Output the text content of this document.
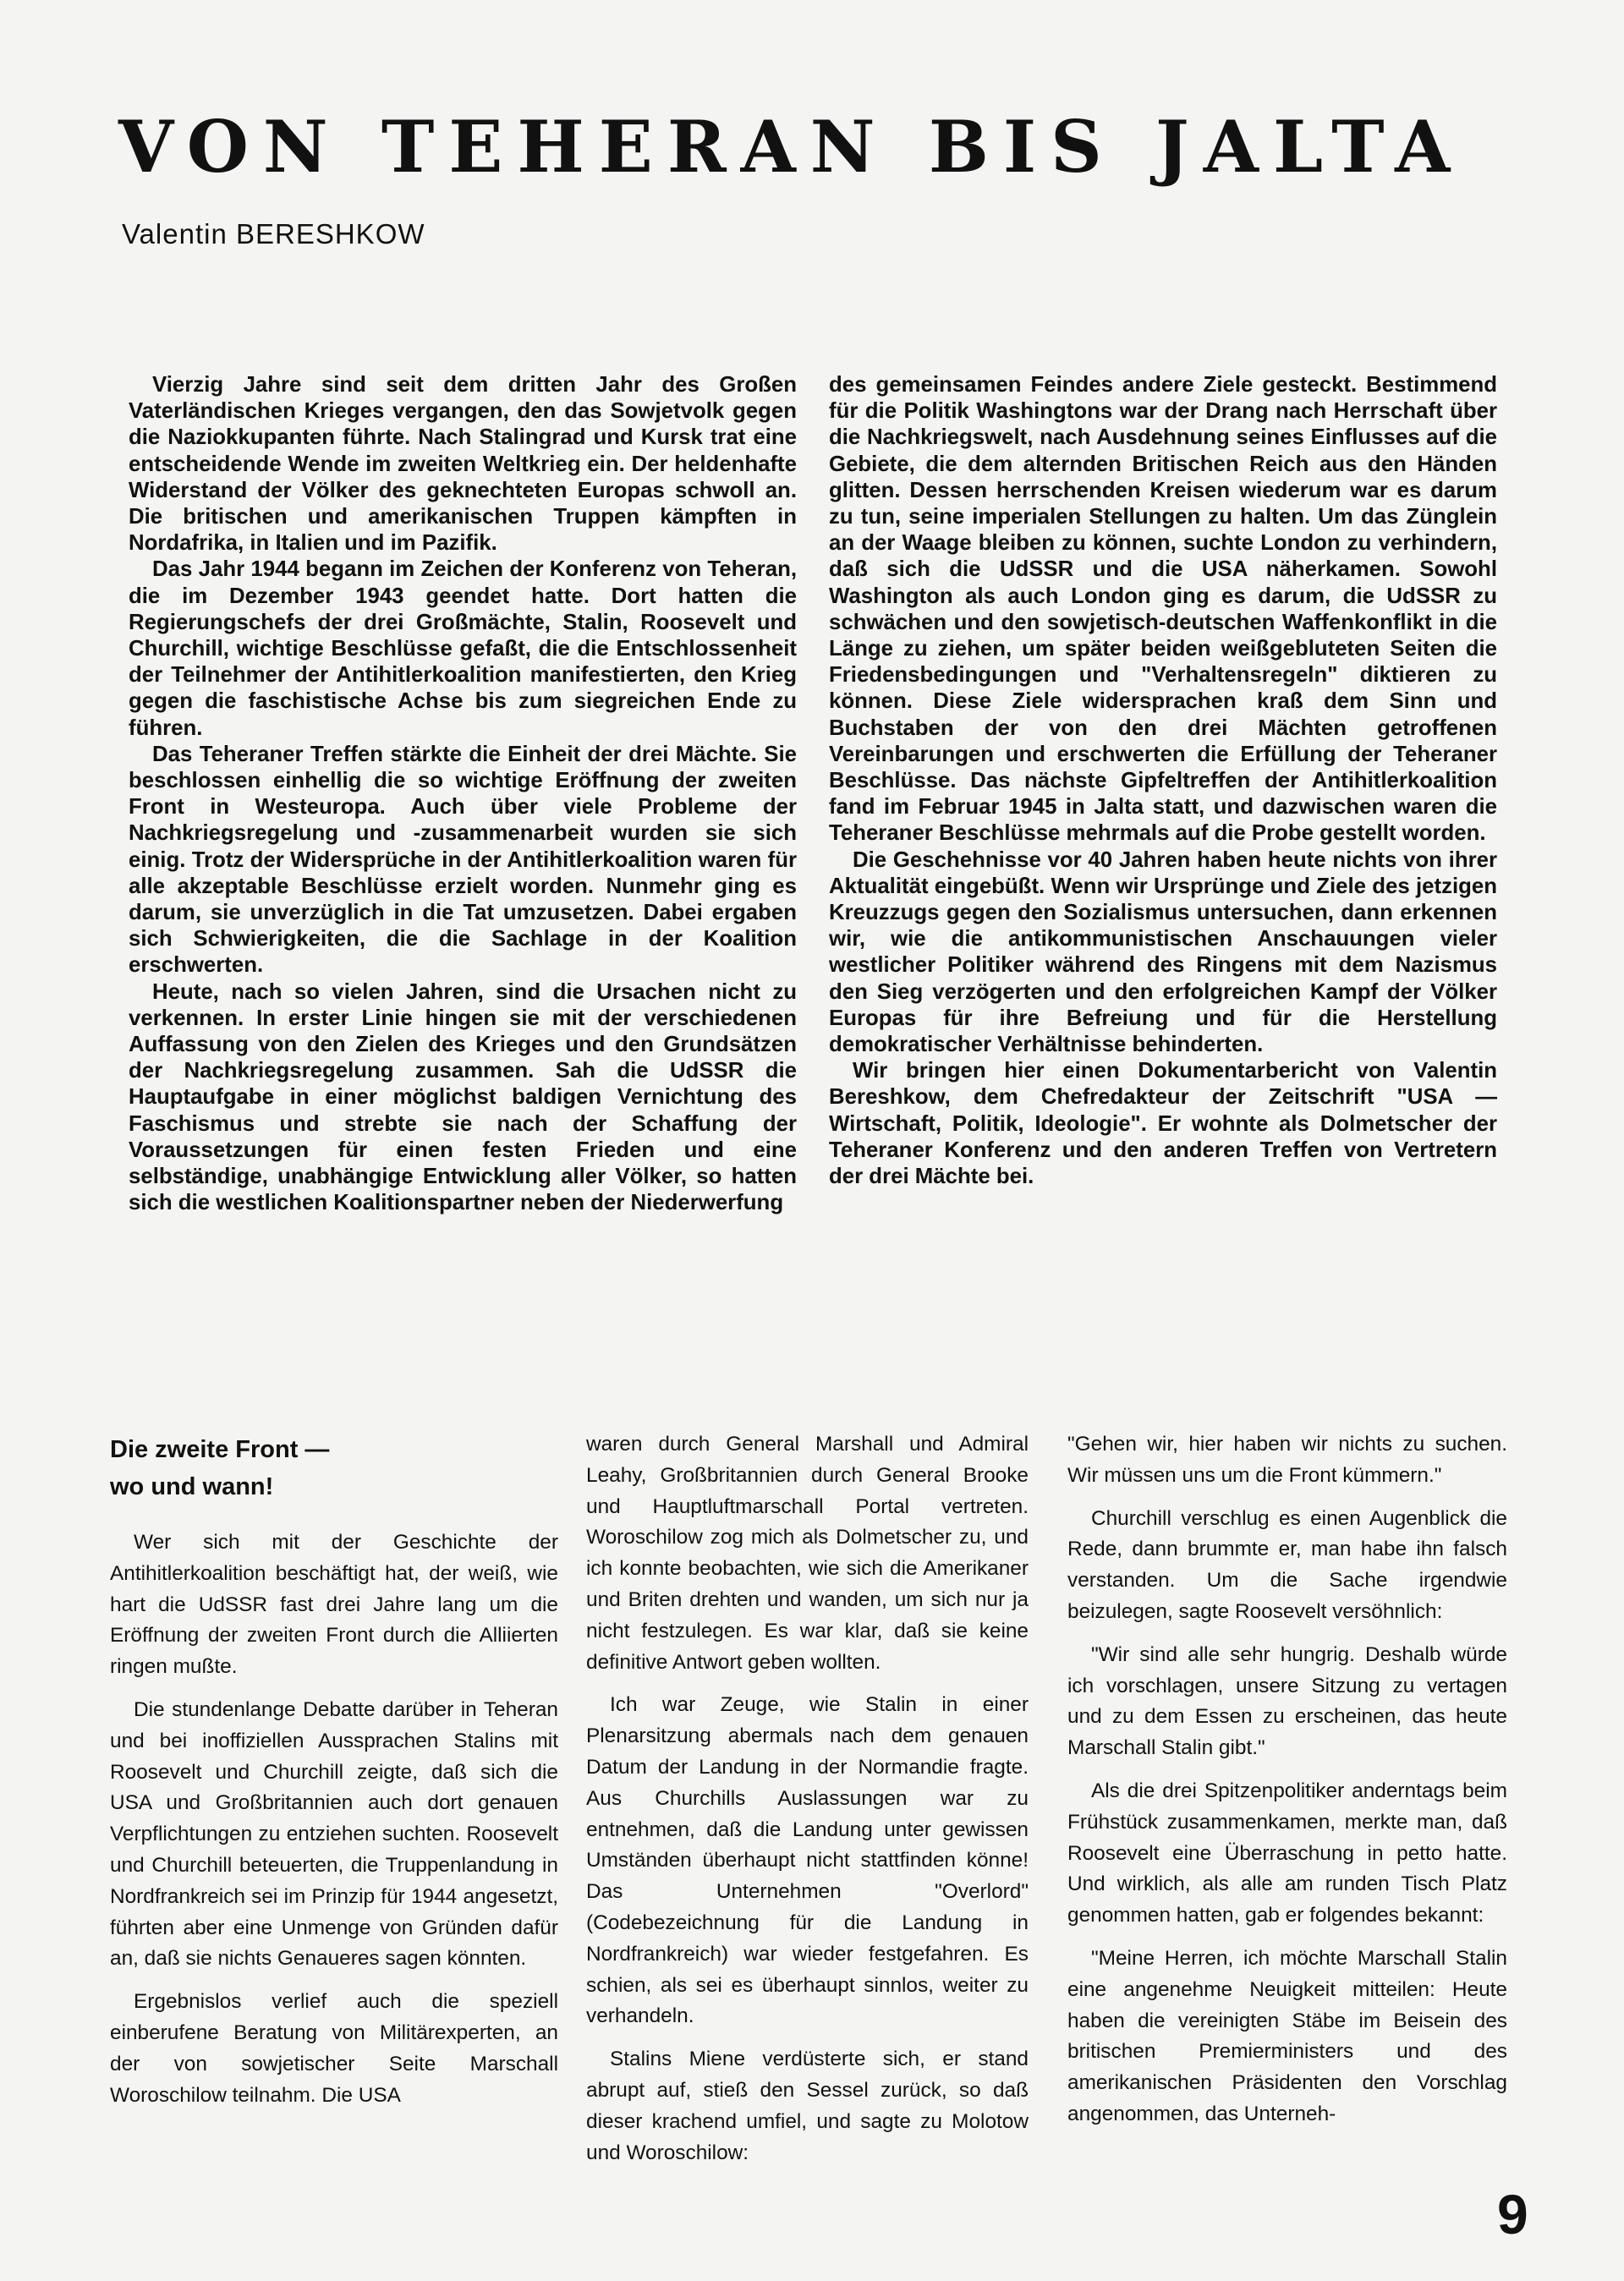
VON TEHERAN BIS JALTA
Valentin BERESHKOW

Vierzig Jahre sind seit dem dritten Jahr des Großen Vaterländischen Krieges vergangen, den das Sowjetvolk gegen die Naziokkupanten führte. Nach Stalingrad und Kursk trat eine entscheidende Wende im zweiten Weltkrieg ein. Der heldenhafte Widerstand der Völker des geknechteten Europas schwoll an. Die britischen und amerikanischen Truppen kämpften in Nordafrika, in Italien und im Pazifik.

Das Jahr 1944 begann im Zeichen der Konferenz von Teheran, die im Dezember 1943 geendet hatte. Dort hatten die Regierungschefs der drei Großmächte, Stalin, Roosevelt und Churchill, wichtige Beschlüsse gefaßt, die die Entschlossenheit der Teilnehmer der Antihitlerkoalition manifestierten, den Krieg gegen die faschistische Achse bis zum siegreichen Ende zu führen.

Das Teheraner Treffen stärkte die Einheit der drei Mächte. Sie beschlossen einhellig die so wichtige Eröffnung der zweiten Front in Westeuropa. Auch über viele Probleme der Nachkriegsregelung und -zusammenarbeit wurden sie sich einig. Trotz der Widersprüche in der Antihitlerkoalition waren für alle akzeptable Beschlüsse erzielt worden. Nunmehr ging es darum, sie unverzüglich in die Tat umzusetzen. Dabei ergaben sich Schwierigkeiten, die die Sachlage in der Koalition erschwerten.

Heute, nach so vielen Jahren, sind die Ursachen nicht zu verkennen. In erster Linie hingen sie mit der verschiedenen Auffassung von den Zielen des Krieges und den Grundsätzen der Nachkriegsregelung zusammen. Sah die UdSSR die Hauptaufgabe in einer möglichst baldigen Vernichtung des Faschismus und strebte sie nach der Schaffung der Voraussetzungen für einen festen Frieden und eine selbständige, unabhängige Entwicklung aller Völker, so hatten sich die westlichen Koalitionspartner neben der Niederwerfung

des gemeinsamen Feindes andere Ziele gesteckt. Bestimmend für die Politik Washingtons war der Drang nach Herrschaft über die Nachkriegswelt, nach Ausdehnung seines Einflusses auf die Gebiete, die dem alternden Britischen Reich aus den Händen glitten. Dessen herrschenden Kreisen wiederum war es darum zu tun, seine imperialen Stellungen zu halten. Um das Zünglein an der Waage bleiben zu können, suchte London zu verhindern, daß sich die UdSSR und die USA näherkamen. Sowohl Washington als auch London ging es darum, die UdSSR zu schwächen und den sowjetisch-deutschen Waffenkonflikt in die Länge zu ziehen, um später beiden weißgebluteten Seiten die Friedensbedingungen und "Verhaltensregeln" diktieren zu können. Diese Ziele widersprachen kraß dem Sinn und Buchstaben der von den drei Mächten getroffenen Vereinbarungen und erschwerten die Erfüllung der Teheraner Beschlüsse. Das nächste Gipfeltreffen der Antihitlerkoalition fand im Februar 1945 in Jalta statt, und dazwischen waren die Teheraner Beschlüsse mehrmals auf die Probe gestellt worden.

Die Geschehnisse vor 40 Jahren haben heute nichts von ihrer Aktualität eingebüßt. Wenn wir Ursprünge und Ziele des jetzigen Kreuzzugs gegen den Sozialismus untersuchen, dann erkennen wir, wie die antikommunistischen Anschauungen vieler westlicher Politiker während des Ringens mit dem Nazismus den Sieg verzögerten und den erfolgreichen Kampf der Völker Europas für ihre Befreiung und für die Herstellung demokratischer Verhältnisse behinderten.

Wir bringen hier einen Dokumentarbericht von Valentin Bereshkow, dem Chefredakteur der Zeitschrift "USA — Wirtschaft, Politik, Ideologie". Er wohnte als Dolmetscher der Teheraner Konferenz und den anderen Treffen von Vertretern der drei Mächte bei.

Die zweite Front —
wo und wann!

Wer sich mit der Geschichte der Antihitlerkoalition beschäftigt hat, der weiß, wie hart die UdSSR fast drei Jahre lang um die Eröffnung der zweiten Front durch die Alliierten ringen mußte.

Die stundenlange Debatte darüber in Teheran und bei inoffiziellen Aussprachen Stalins mit Roosevelt und Churchill zeigte, daß sich die USA und Großbritannien auch dort genauen Verpflichtungen zu entziehen suchten. Roosevelt und Churchill beteuerten, die Truppenlandung in Nordfrankreich sei im Prinzip für 1944 angesetzt, führten aber eine Unmenge von Gründen dafür an, daß sie nichts Genaueres sagen könnten.

Ergebnislos verlief auch die speziell einberufene Beratung von Militärexperten, an der von sowjetischer Seite Marschall Woroschilow teilnahm. Die USA

waren durch General Marshall und Admiral Leahy, Großbritannien durch General Brooke und Hauptluftmarschall Portal vertreten. Woroschilow zog mich als Dolmetscher zu, und ich konnte beobachten, wie sich die Amerikaner und Briten drehten und wanden, um sich nur ja nicht festzulegen. Es war klar, daß sie keine definitive Antwort geben wollten.

Ich war Zeuge, wie Stalin in einer Plenarsitzung abermals nach dem genauen Datum der Landung in der Normandie fragte. Aus Churchills Auslassungen war zu entnehmen, daß die Landung unter gewissen Umständen überhaupt nicht stattfinden könne! Das Unternehmen "Overlord" (Codebezeichnung für die Landung in Nordfrankreich) war wieder festgefahren. Es schien, als sei es überhaupt sinnlos, weiter zu verhandeln.

Stalins Miene verdüsterte sich, er stand abrupt auf, stieß den Sessel zurück, so daß dieser krachend umfiel, und sagte zu Molotow und Woroschilow:

"Gehen wir, hier haben wir nichts zu suchen. Wir müssen uns um die Front kümmern."

Churchill verschlug es einen Augenblick die Rede, dann brummte er, man habe ihn falsch verstanden. Um die Sache irgendwie beizulegen, sagte Roosevelt versöhnlich:

"Wir sind alle sehr hungrig. Deshalb würde ich vorschlagen, unsere Sitzung zu vertagen und zu dem Essen zu erscheinen, das heute Marschall Stalin gibt."

Als die drei Spitzenpolitiker anderntags beim Frühstück zusammenkamen, merkte man, daß Roosevelt eine Überraschung in petto hatte. Und wirklich, als alle am runden Tisch Platz genommen hatten, gab er folgendes bekannt:

"Meine Herren, ich möchte Marschall Stalin eine angenehme Neuigkeit mitteilen: Heute haben die vereinigten Stäbe im Beisein des britischen Premierministers und des amerikanischen Präsidenten den Vorschlag angenommen, das Unterneh-

9
